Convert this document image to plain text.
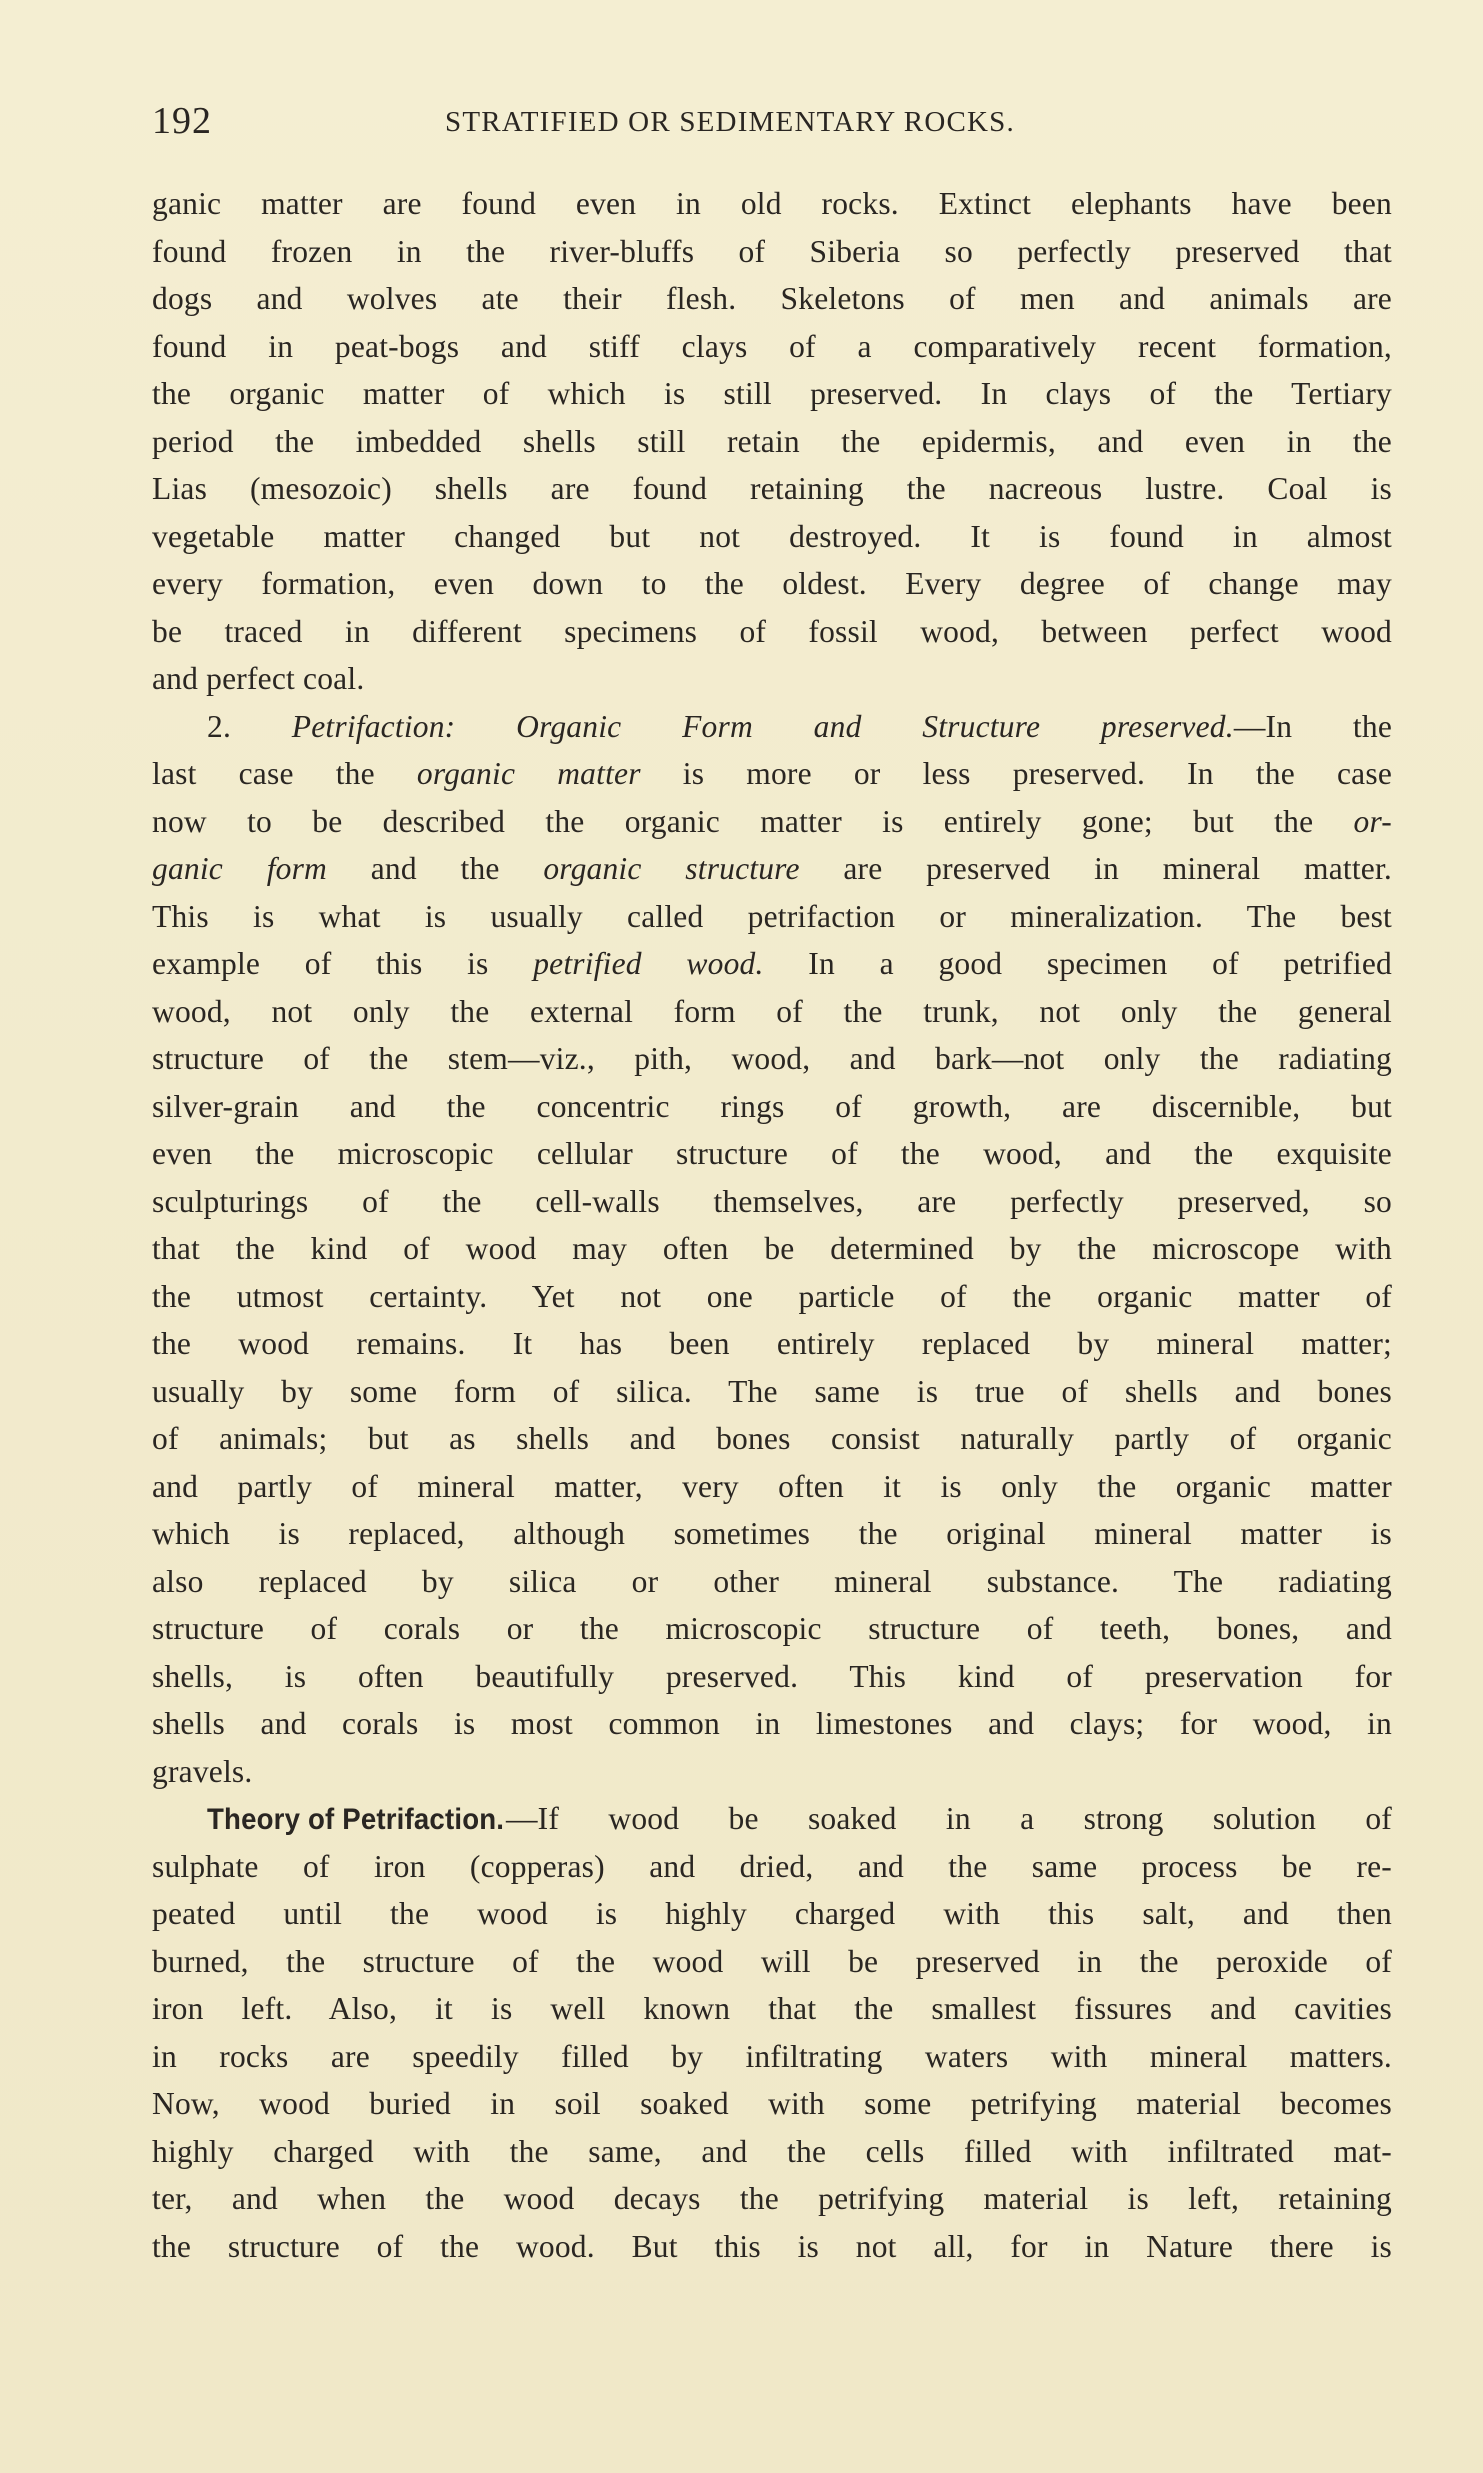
192	STRATIFIED OR SEDIMENTARY ROCKS.
ganic matter are found even in old rocks. Extinct elephants have been
found frozen in the river-bluffs of Siberia so perfectly preserved that
dogs and wolves ate their flesh. Skeletons of men and animals are
found in peat-bogs and stiff clays of a comparatively recent formation,
the organic matter of which is still preserved. In clays of the Tertiary
period the imbedded shells still retain the epidermis, and even in the
Lias (mesozoic) shells are found retaining the nacreous lustre. Coal is
vegetable matter changed but not destroyed. It is found in almost
every formation, even down to the oldest. Every degree of change may
be traced in different specimens of fossil wood, between perfect wood
and perfect coal.
2. Petrifaction: Organic Form and Structure preserved.—In the
last case the organic matter is more or less preserved. In the case
now to be described the organic matter is entirely gone; but the or-
ganic form and the organic structure are preserved in mineral matter.
This is what is usually called petrifaction or mineralization. The best
example of this is petrified wood. In a good specimen of petrified
wood, not only the external form of the trunk, not only the general
structure of the stem—viz., pith, wood, and bark—not only the radiating
silver-grain and the concentric rings of growth, are discernible, but
even the microscopic cellular structure of the wood, and the exquisite
sculpturings of the cell-walls themselves, are perfectly preserved, so
that the kind of wood may often be determined by the microscope with
the utmost certainty. Yet not one particle of the organic matter of
the wood remains. It has been entirely replaced by mineral matter;
usually by some form of silica. The same is true of shells and bones
of animals; but as shells and bones consist naturally partly of organic
and partly of mineral matter, very often it is only the organic matter
which is replaced, although sometimes the original mineral matter is
also replaced by silica or other mineral substance. The radiating
structure of corals or the microscopic structure of teeth, bones, and
shells, is often beautifully preserved. This kind of preservation for
shells and corals is most common in limestones and clays; for wood, in
gravels.
Theory of Petrifaction.—If wood be soaked in a strong solution of
sulphate of iron (copperas) and dried, and the same process be re-
peated until the wood is highly charged with this salt, and then
burned, the structure of the wood will be preserved in the peroxide of
iron left. Also, it is well known that the smallest fissures and cavities
in rocks are speedily filled by infiltrating waters with mineral matters.
Now, wood buried in soil soaked with some petrifying material becomes
highly charged with the same, and the cells filled with infiltrated mat-
ter, and when the wood decays the petrifying material is left, retaining
the structure of the wood. But this is not all, for in Nature there is
